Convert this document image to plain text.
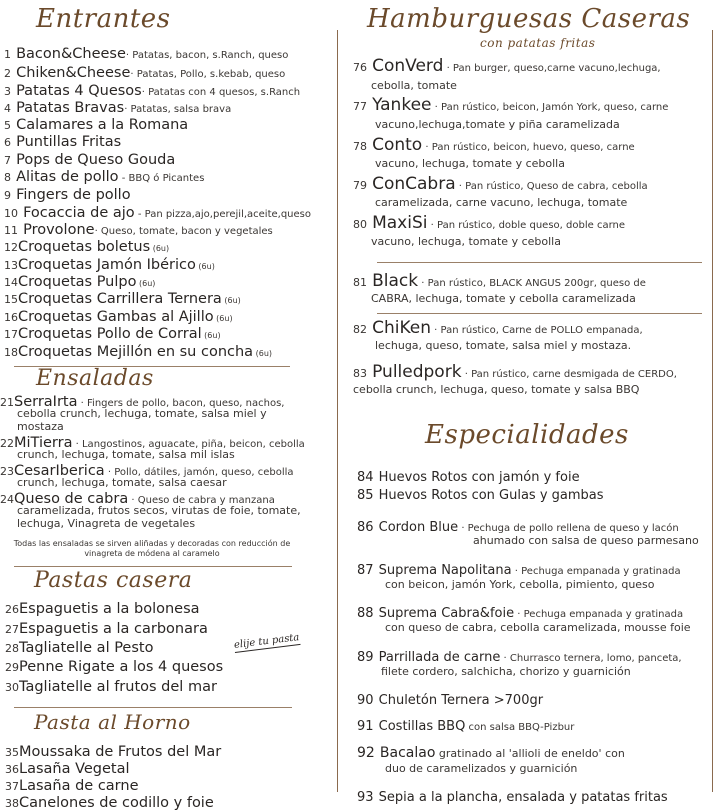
Entrantes
1 Bacon&Cheese· Patatas, bacon, s.Ranch, queso
2 Chiken&Cheese· Patatas, Pollo, s.kebab, queso
3 Patatas 4 Quesos· Patatas con 4 quesos, s.Ranch
4 Patatas Bravas· Patatas, salsa brava
5 Calamares a la Romana
6 Puntillas Fritas
7 Pops de Queso Gouda
8 Alitas de pollo - BBQ ó Picantes
9 Fingers de pollo
10 Focaccia de ajo - Pan pizza,ajo,perejil,aceite,queso
11 Provolone· Queso, tomate, bacon y vegetales
12Croquetas boletus (6u)
13Croquetas Jamón Ibérico (6u)
14Croquetas Pulpo (6u)
15Croquetas Carrillera Ternera (6u)
16Croquetas Gambas al Ajillo (6u)
17Croquetas Pollo de Corral (6u)
18Croquetas Mejillón en su concha (6u)
Ensaladas
21SerraIrta · Fingers de pollo, bacon, queso, nachos,
cebolla crunch, lechuga, tomate, salsa miel y
mostaza
22MiTierra · Langostinos, aguacate, piña, beicon, cebolla
crunch, lechuga, tomate, salsa mil islas
23CesarIberica · Pollo, dátiles, jamón, queso, cebolla
crunch, lechuga, tomate, salsa caesar
24Queso de cabra · Queso de cabra y manzana
caramelizada, frutos secos, virutas de foie, tomate,
lechuga, Vinagreta de vegetales
Todas las ensaladas se sirven aliñadas y decoradas con reducción de
vinagreta de módena al caramelo
Pastas casera
26Espaguetis a la bolonesa
27Espaguetis a la carbonara
28Tagliatelle al Pesto
29Penne Rigate a los 4 quesos
30Tagliatelle al frutos del mar
elije tu pasta
Pasta al Horno
35Moussaka de Frutos del Mar
36Lasaña Vegetal
37Lasaña de carne
38Canelones de codillo y foie
Hamburguesas Caseras
con patatas fritas
76 ConVerd · Pan burger, queso,carne vacuno,lechuga,
cebolla, tomate
77 Yankee · Pan rústico, beicon, Jamón York, queso, carne
vacuno,lechuga,tomate y piña caramelizada
78 Conto · Pan rústico, beicon, huevo, queso, carne
vacuno, lechuga, tomate y cebolla
79 ConCabra · Pan rústico, Queso de cabra, cebolla
caramelizada, carne vacuno, lechuga, tomate
80 MaxiSi · Pan rústico, doble queso, doble carne
vacuno, lechuga, tomate y cebolla
81 Black · Pan rústico, BLACK ANGUS 200gr, queso de
CABRA, lechuga, tomate y cebolla caramelizada
82 ChiKen · Pan rústico, Carne de POLLO empanada,
lechuga, queso, tomate, salsa miel y mostaza.
83 Pulledpork · Pan rústico, carne desmigada de CERDO,
cebolla crunch, lechuga, queso, tomate y salsa BBQ
Especialidades
84 Huevos Rotos con jamón y foie
85 Huevos Rotos con Gulas y gambas
86 Cordon Blue · Pechuga de pollo rellena de queso y lacón
ahumado con salsa de queso parmesano
87 Suprema Napolitana · Pechuga empanada y gratinada
con beicon, jamón York, cebolla, pimiento, queso
88 Suprema Cabra&foie · Pechuga empanada y gratinada
con queso de cabra, cebolla caramelizada, mousse foie
89 Parrillada de carne · Churrasco ternera, lomo, panceta,
filete cordero, salchicha, chorizo y guarnición
90 Chuletón Ternera >700gr
91 Costillas BBQ con salsa BBQ-Pizbur
92 Bacalao gratinado al 'allioli de eneldo' con
duo de caramelizados y guarnición
93 Sepia a la plancha, ensalada y patatas fritas
